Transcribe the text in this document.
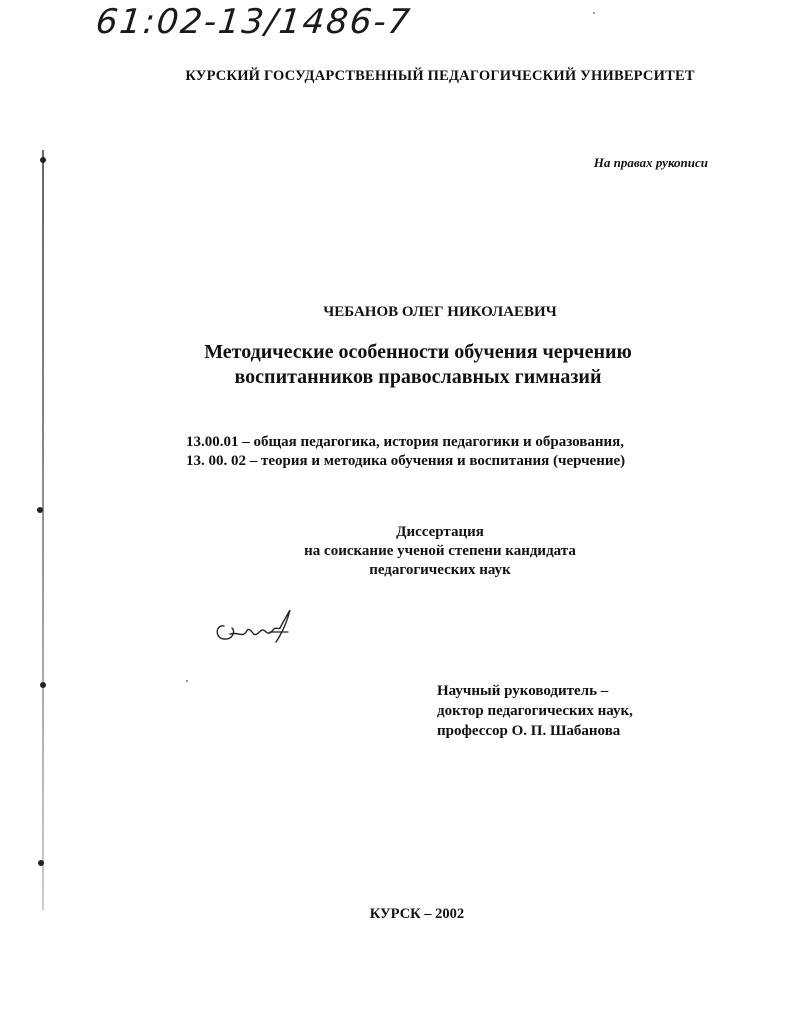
61:02-13/1486-7
КУРСКИЙ ГОСУДАРСТВЕННЫЙ ПЕДАГОГИЧЕСКИЙ УНИВЕРСИТЕТ
На правах рукописи
ЧЕБАНОВ ОЛЕГ НИКОЛАЕВИЧ
Методические особенности обучения черчению
воспитанников православных гимназий
13.00.01 – общая педагогика, история педагогики и образования,
13. 00. 02 – теория и методика обучения и воспитания (черчение)
Диссертация
на соискание ученой степени кандидата
педагогических наук
Научный руководитель –
доктор педагогических наук,
профессор О. П. Шабанова
КУРСК – 2002
